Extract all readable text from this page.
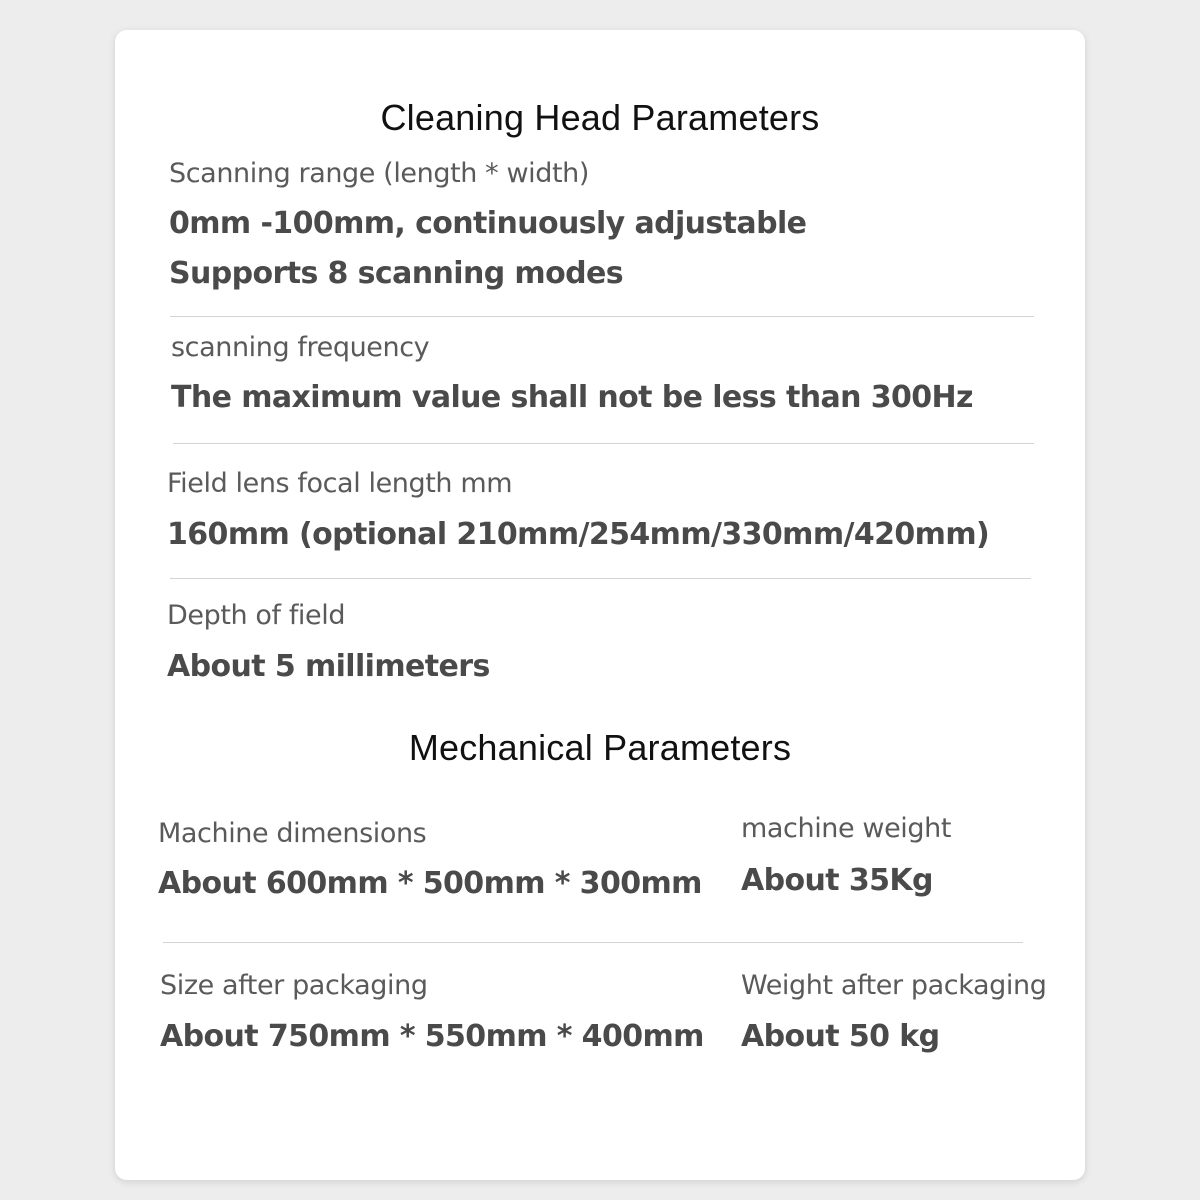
Cleaning Head Parameters
Scanning range (length * width)
0mm -100mm, continuously adjustable
Supports 8 scanning modes
scanning frequency
The maximum value shall not be less than 300Hz
Field lens focal length mm
160mm (optional 210mm/254mm/330mm/420mm)
Depth of field
About 5 millimeters
Mechanical Parameters
Machine dimensions
About 600mm * 500mm * 300mm
machine weight
About 35Kg
Size after packaging
About 750mm * 550mm * 400mm
Weight after packaging
About 50 kg
